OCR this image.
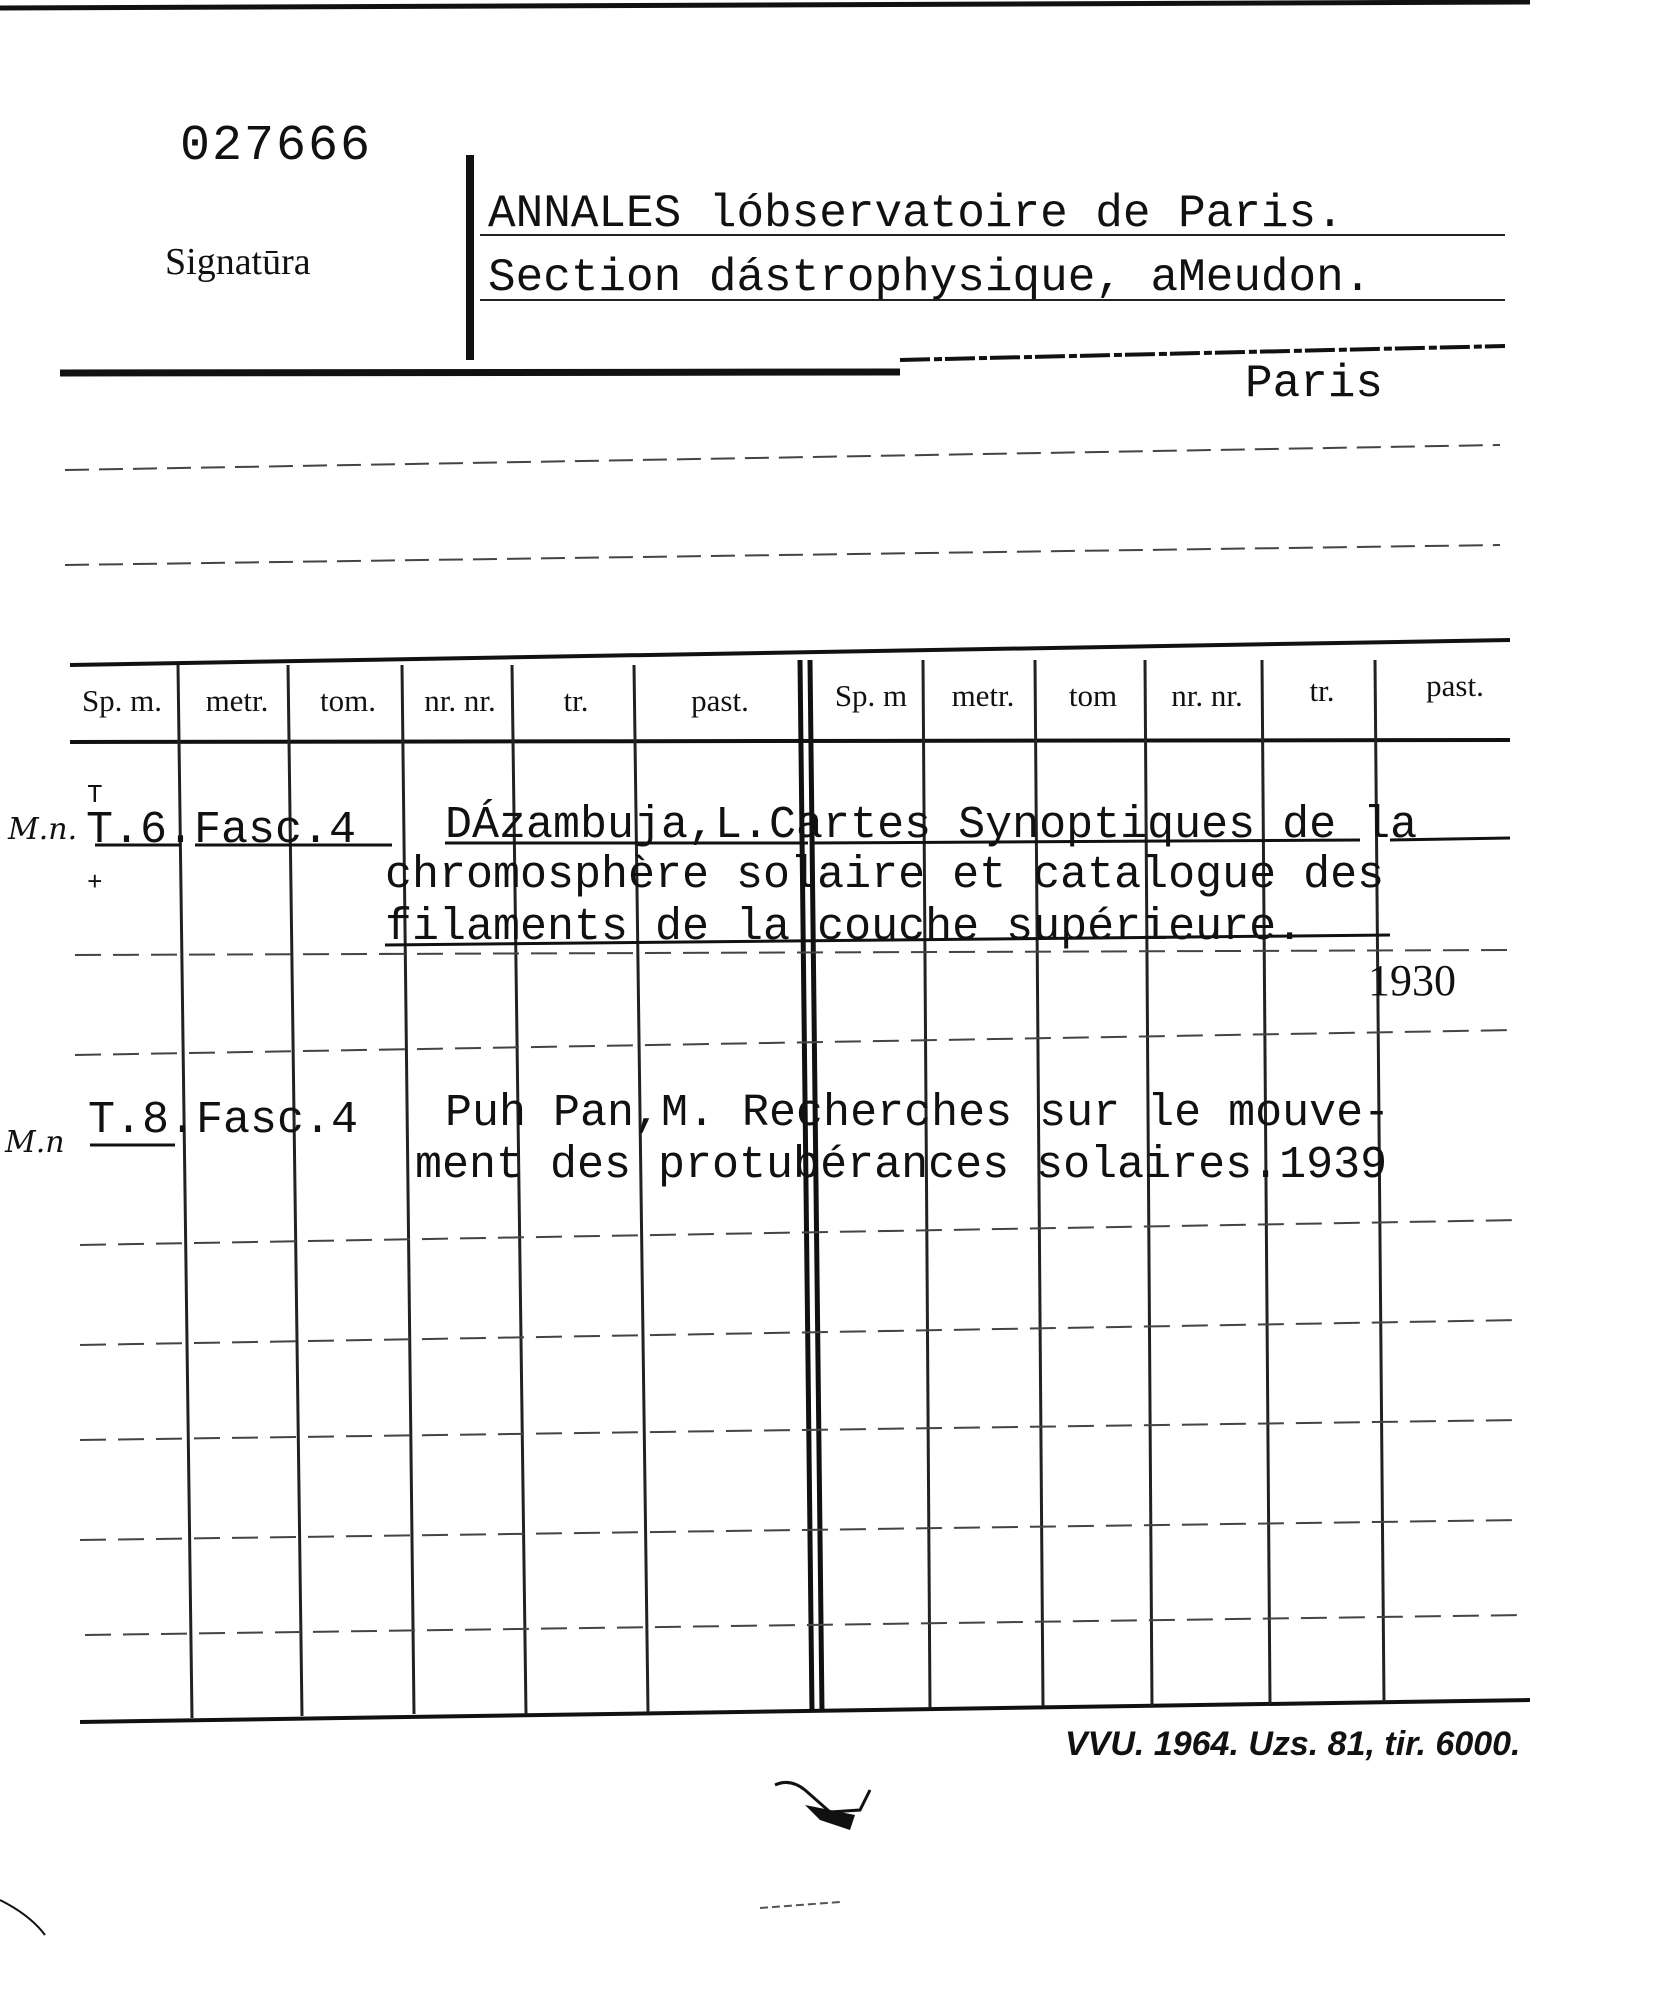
027666
Signatūra
ANNALES lóbservatoire de Paris.
Section dástrophysique, aMeudon.
Paris
Sp. m.	metr.	tom.	nr. nr.	tr.	past.	Sp. m	metr.	tom	nr. nr.	tr.	past.
M.n.
T
+
T.6.Fasc.4 DÁzambuja,L.Cartes Synoptiques de la
chromosphère solaire et catalogue des
filaments de la couche supérieure.
1930
M.n T.8.Fasc.4 Puh Pan,M. Recherches sur le mouve-
ment des protubérances solaires.1939
VVU. 1964. Uzs. 81, tir. 6000.
